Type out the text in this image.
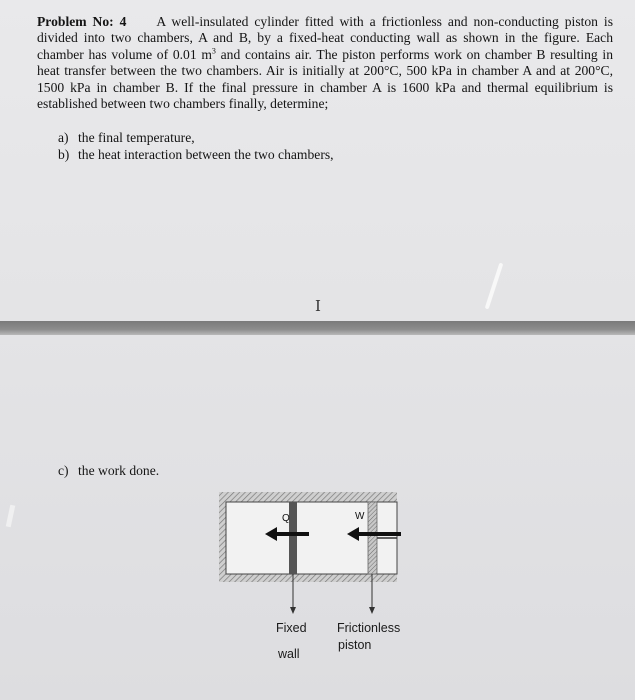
Problem No: 4 A well-insulated cylinder fitted with a frictionless and non-conducting piston is divided into two chambers, A and B, by a fixed-heat conducting wall as shown in the figure. Each chamber has volume of 0.01 $m^3$ and contains air. The piston performs work on chamber B resulting in heat transfer between the two chambers. Air is initially at 200°C, 500 kPa in chamber A and at 200°C, 1500 kPa in chamber B. If the final pressure in chamber A is 1600 kPa and thermal equilibrium is established between two chambers finally, determine;
a) the final temperature,
b) the heat interaction between the two chambers,
I
c) the work done.
Q	W
Fixed
wall
Frictionless
piston
